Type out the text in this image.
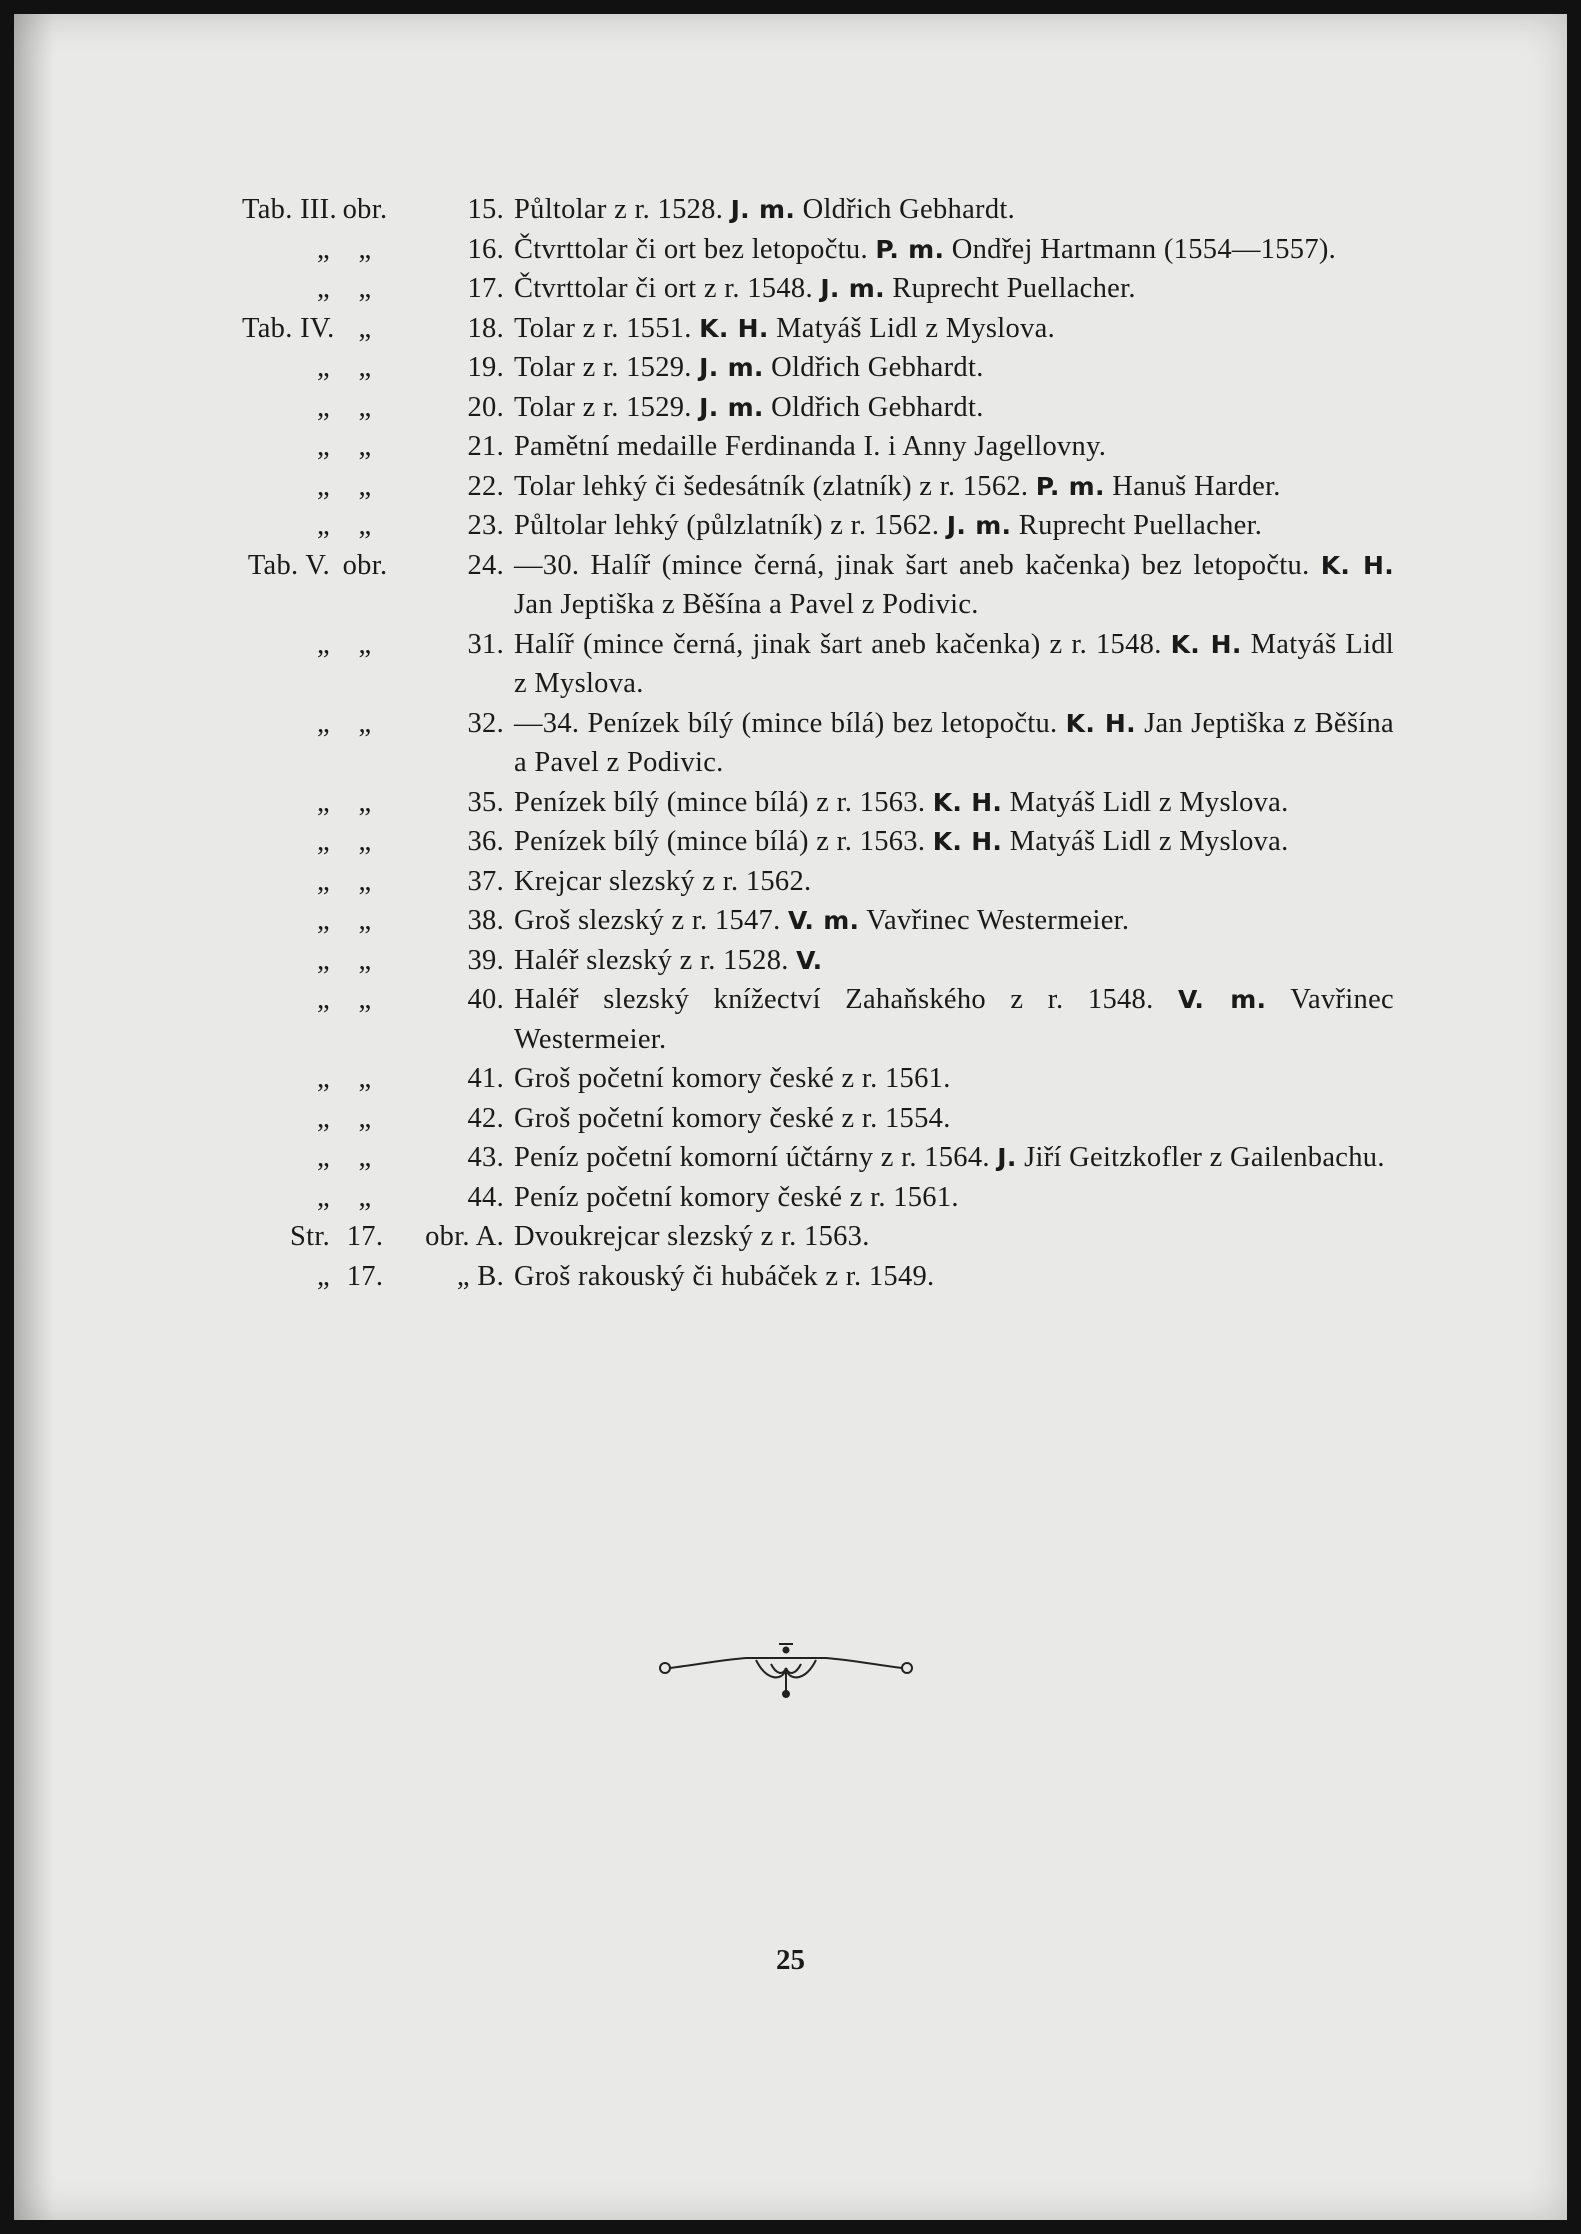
Tab. III. obr.	15. Půltolar z r. 1528. J. m. Oldřich Gebhardt.
„	„	16. Čtvrttolar či ort bez letopočtu. P. m. Ondřej Hartmann (1554—1557).
„	„	17. Čtvrttolar či ort z r. 1548. J. m. Ruprecht Puellacher.
Tab. IV. „	18. Tolar z r. 1551. K. H. Matyáš Lidl z Myslova.
„	„	19. Tolar z r. 1529. J. m. Oldřich Gebhardt.
„	„	20. Tolar z r. 1529. J. m. Oldřich Gebhardt.
„	„	21. Pamětní medaille Ferdinanda I. i Anny Jagellovny.
„	„	22. Tolar lehký či šedesátník (zlatník) z r. 1562. P. m. Hanuš Harder.
„	„	23. Půltolar lehký (půlzlatník) z r. 1562. J. m. Ruprecht Puellacher.
Tab. V. obr.	24. —30. Halíř (mince černá, jinak šart aneb kačenka) bez letopočtu. K. H. Jan Jeptiška z Běšína a Pavel z Podivic.
„	„	31. Halíř (mince černá, jinak šart aneb kačenka) z r. 1548. K. H. Matyáš Lidl z Myslova.
„	„	32. —34. Penízek bílý (mince bílá) bez letopočtu. K. H. Jan Jeptiška z Běšína a Pavel z Podivic.
„	„	35. Penízek bílý (mince bílá) z r. 1563. K. H. Matyáš Lidl z Myslova.
„	„	36. Penízek bílý (mince bílá) z r. 1563. K. H. Matyáš Lidl z Myslova.
„	„	37. Krejcar slezský z r. 1562.
„	„	38. Groš slezský z r. 1547. V. m. Vavřinec Westermeier.
„	„	39. Haléř slezský z r. 1528. V.
„	„	40. Haléř slezský knížectví Zahaňského z r. 1548. V. m. Vavřinec Westermeier.
„	„	41. Groš početní komory české z r. 1561.
„	„	42. Groš početní komory české z r. 1554.
„	„	43. Peníz početní komorní účtárny z r. 1564. J. Jiří Geitzkofler z Gailenbachu.
„	„	44. Peníz početní komory české z r. 1561.
Str. 17.	obr. A. Dvoukrejcar slezský z r. 1563.
„ 17.	„ B. Groš rakouský či hubáček z r. 1549.
25
